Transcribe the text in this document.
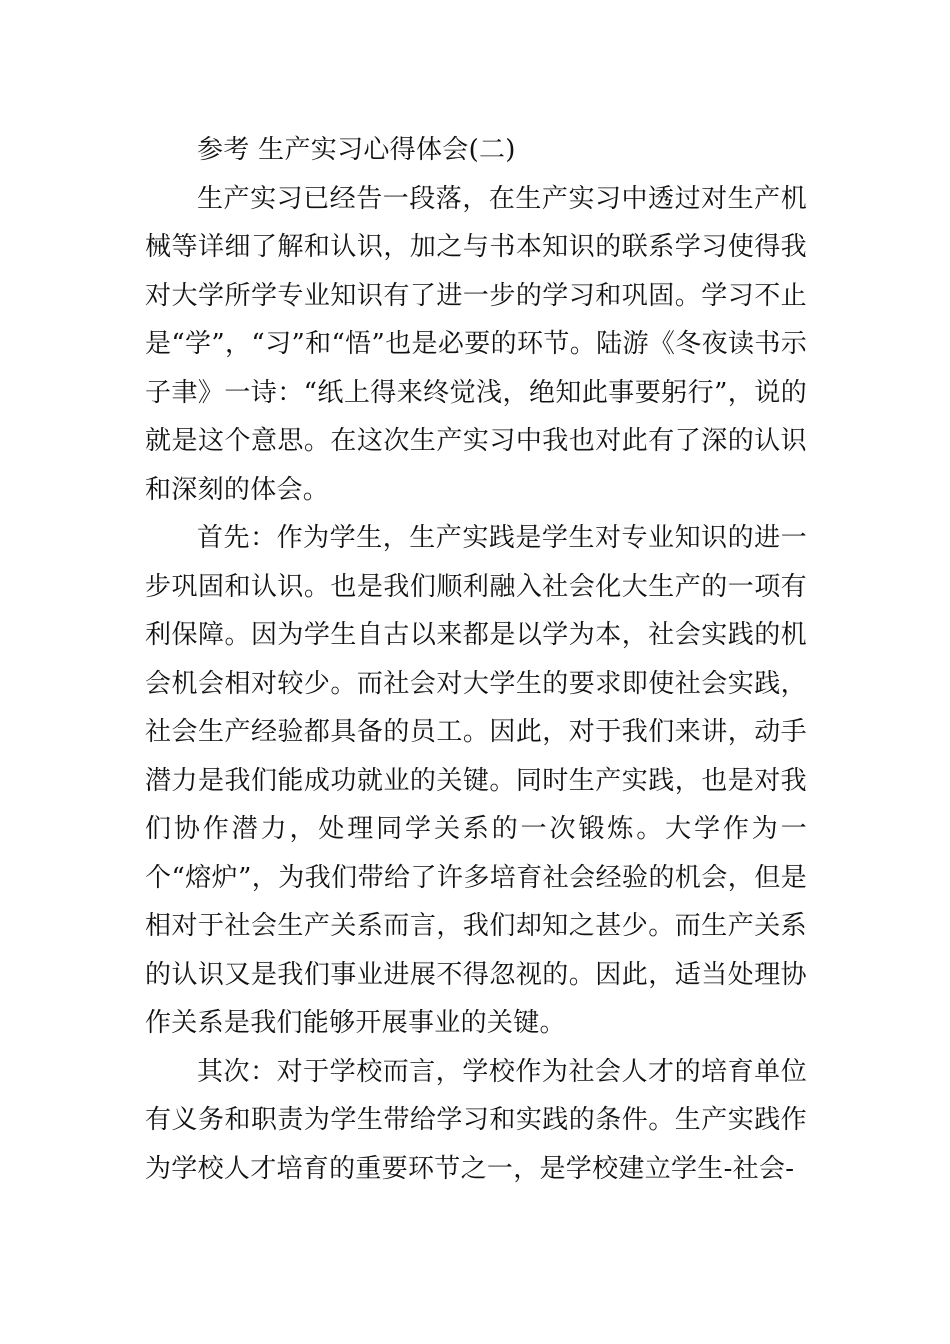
参考 生产实习心得体会(二)

生产实习已经告一段落，在生产实习中透过对生产机械等详细了解和认识，加之与书本知识的联系学习使得我对大学所学专业知识有了进一步的学习和巩固。学习不止是“学”，“习”和“悟”也是必要的环节。陆游《冬夜读书示子聿》一诗：“纸上得来终觉浅，绝知此事要躬行”，说的就是这个意思。在这次生产实习中我也对此有了深的认识和深刻的体会。

首先：作为学生，生产实践是学生对专业知识的进一步巩固和认识。也是我们顺利融入社会化大生产的一项有利保障。因为学生自古以来都是以学为本，社会实践的机会机会相对较少。而社会对大学生的要求即使社会实践，社会生产经验都具备的员工。因此，对于我们来讲，动手潜力是我们能成功就业的关键。同时生产实践，也是对我们协作潜力，处理同学关系的一次锻炼。大学作为一个“熔炉”，为我们带给了许多培育社会经验的机会，但是相对于社会生产关系而言，我们却知之甚少。而生产关系的认识又是我们事业进展不得忽视的。因此，适当处理协作关系是我们能够开展事业的关键。

其次：对于学校而言，学校作为社会人才的培育单位有义务和职责为学生带给学习和实践的条件。生产实践作为学校人才培育的重要环节之一，是学校建立学生-社会-
